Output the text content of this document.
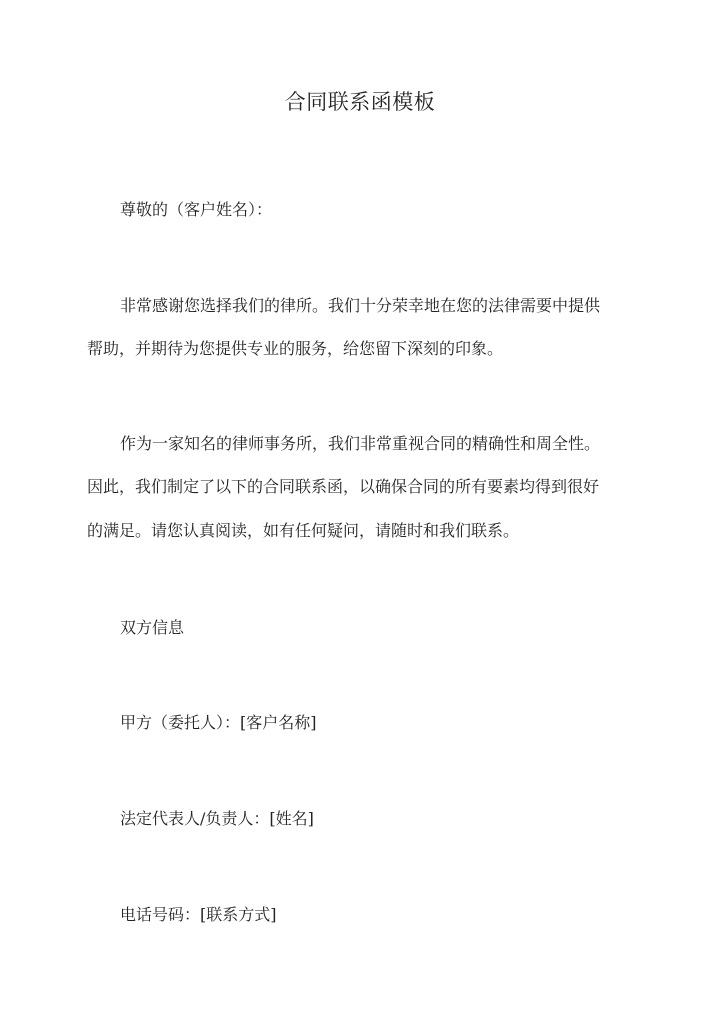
合同联系函模板
尊敬的（客户姓名）：
非常感谢您选择我们的律所。我们十分荣幸地在您的法律需要中提供
帮助，并期待为您提供专业的服务，给您留下深刻的印象。
作为一家知名的律师事务所，我们非常重视合同的精确性和周全性。
因此，我们制定了以下的合同联系函，以确保合同的所有要素均得到很好
的满足。请您认真阅读，如有任何疑问，请随时和我们联系。
双方信息
甲方（委托人）：[客户名称]
法定代表人/负责人：[姓名]
电话号码：[联系方式]
